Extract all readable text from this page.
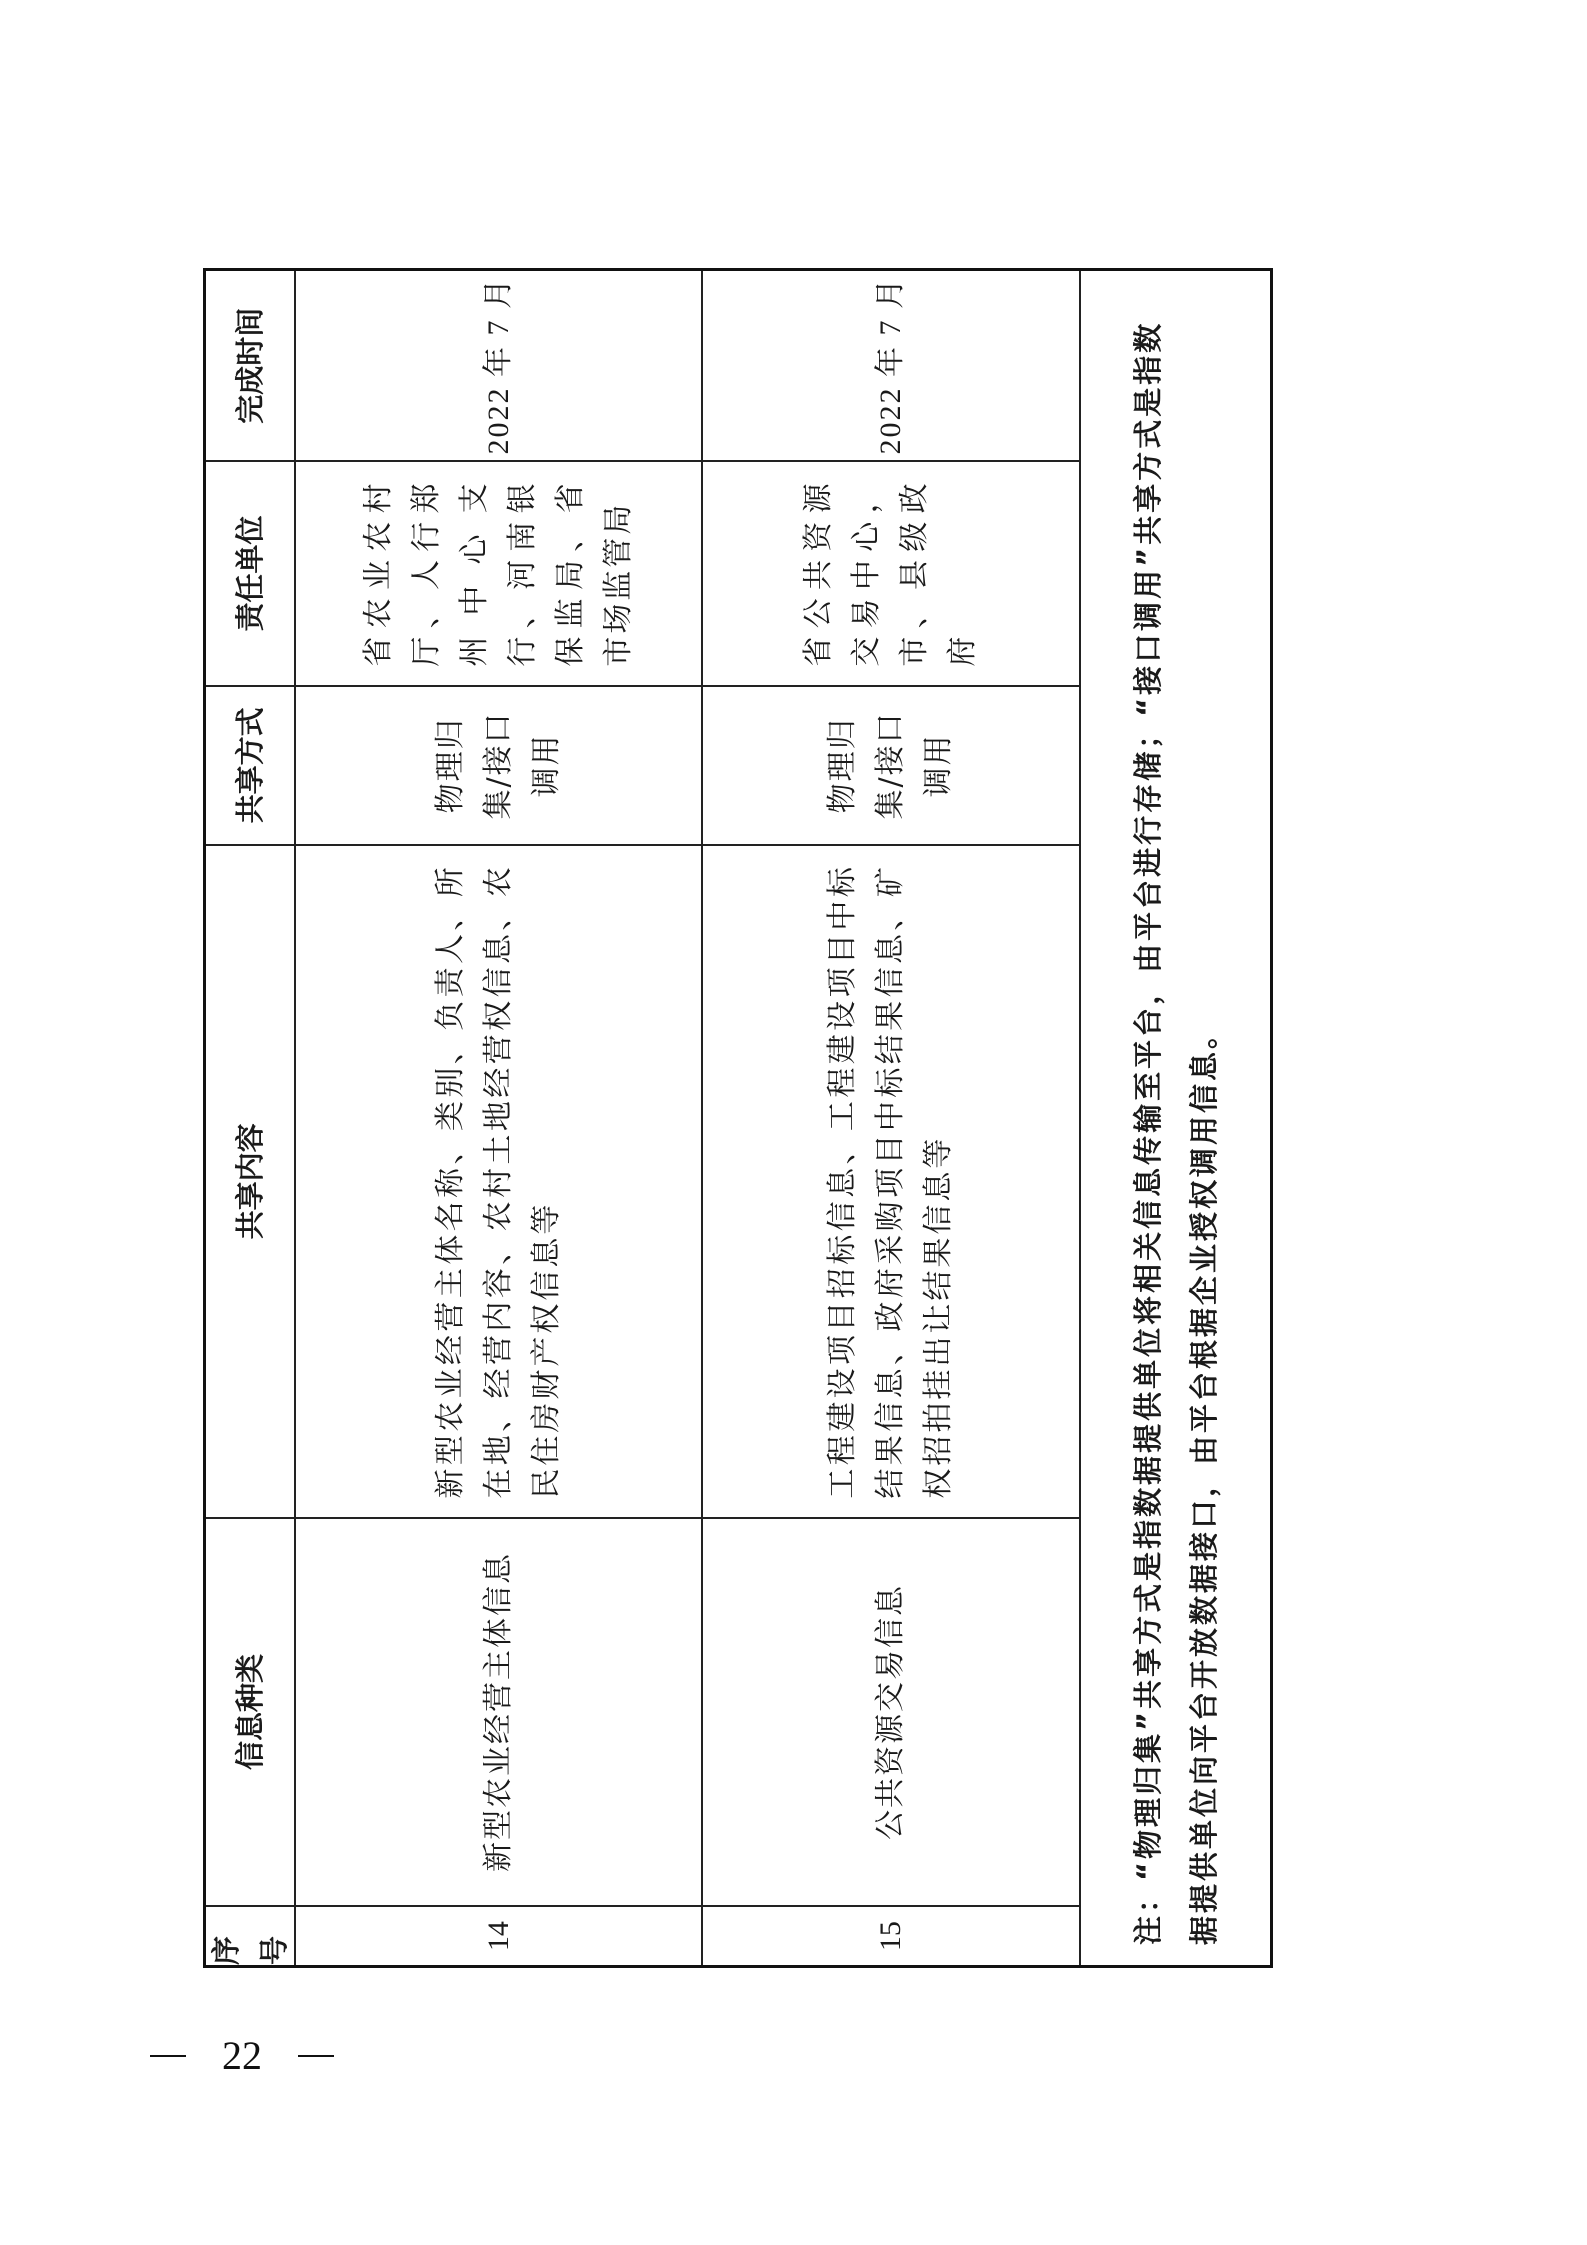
序号
信息种类
共享内容
共享方式
责任单位
完成时间
14
新型农业经营主体信息
新型农业经营主体名称、类别、负责人、所在地、经营内容、农村土地经营权信息、农民住房财产权信息等
物理归集/接口调用
省农业农村厅、人行郑州中心支行、河南银保监局、省市场监管局
2022 年 7 月
15
公共资源交易信息
工程建设项目招标信息、工程建设项目中标结果信息、政府采购项目中标结果信息、矿权招拍挂出让结果信息等
物理归集/接口调用
省公共资源交易中心，市、县级政府
2022 年 7 月	注：“物理归集”共享方式是指数据提供单位将相关信息传输至平台，由平台进行存储；“接口调用”共享方式是指数据提供单位向平台开放数据接口，由平台根据企业授权调用信息。
22
